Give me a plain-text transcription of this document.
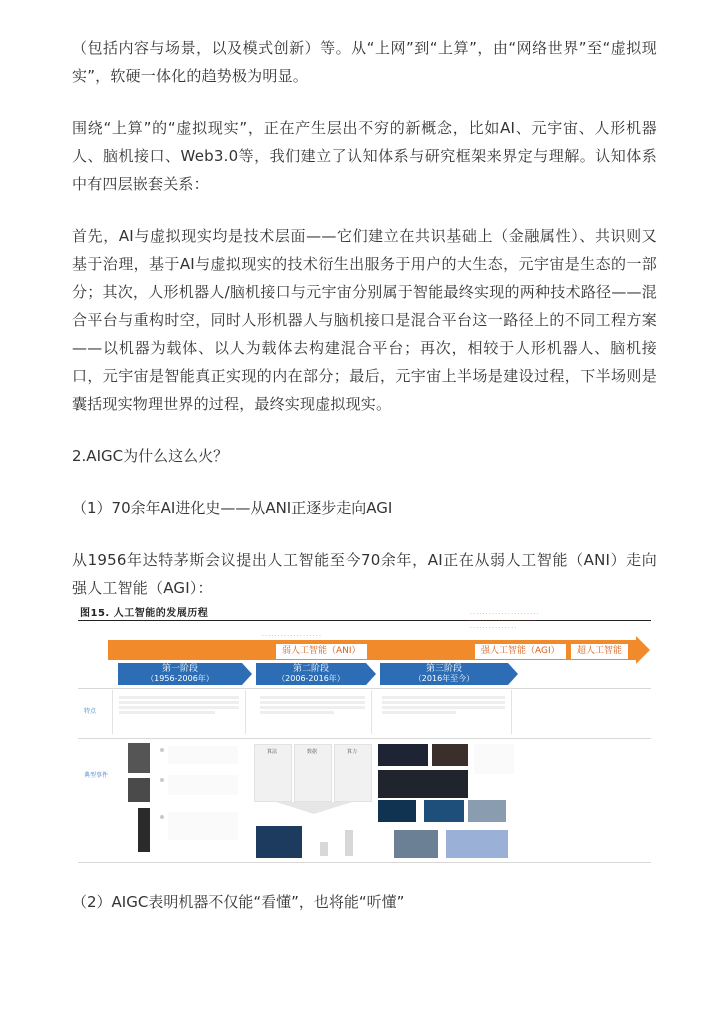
（包括内容与场景，以及模式创新）等。从“上网”到“上算”，由“网络世界”至“虚拟现实”，软硬一体化的趋势极为明显。

围绕“上算”的“虚拟现实”，正在产生层出不穷的新概念，比如AI、元宇宙、人形机器人、脑机接口、Web3.0等，我们建立了认知体系与研究框架来界定与理解。认知体系中有四层嵌套关系：

首先，AI与虚拟现实均是技术层面——它们建立在共识基础上（金融属性）、共识则又基于治理，基于AI与虚拟现实的技术衍生出服务于用户的大生态，元宇宙是生态的一部分；其次，人形机器人/脑机接口与元宇宙分别属于智能最终实现的两种技术路径——混合平台与重构时空，同时人形机器人与脑机接口是混合平台这一路径上的不同工程方案——以机器为载体、以人为载体去构建混合平台；再次，相较于人形机器人、脑机接口，元宇宙是智能真正实现的内在部分；最后，元宇宙上半场是建设过程，下半场则是囊括现实物理世界的过程，最终实现虚拟现实。

2.AIGC为什么这么火？

（1）70余年AI进化史——从ANI正逐步走向AGI

从1956年达特茅斯会议提出人工智能至今70余年，AI正在从弱人工智能（ANI）走向强人工智能（AGI）：

图15. 人工智能的发展历程
· · · · · · · · · · · · · · · · · · ·
· · · · · · · · · · · · · · · · · · · · · ·
· · · · · · · · · · · · · · · · · · · · ·
· · · · · · · · · · · · · · ·
弱人工智能（ANI）	强人工智能（AGI）	超人工智能
第一阶段
（1956-2006年）
第二阶段
（2006-2016年）
第三阶段
（2016年至今）
特点
典型事件
算法	数据	算力

（2）AIGC表明机器不仅能“看懂”，也将能“听懂”
